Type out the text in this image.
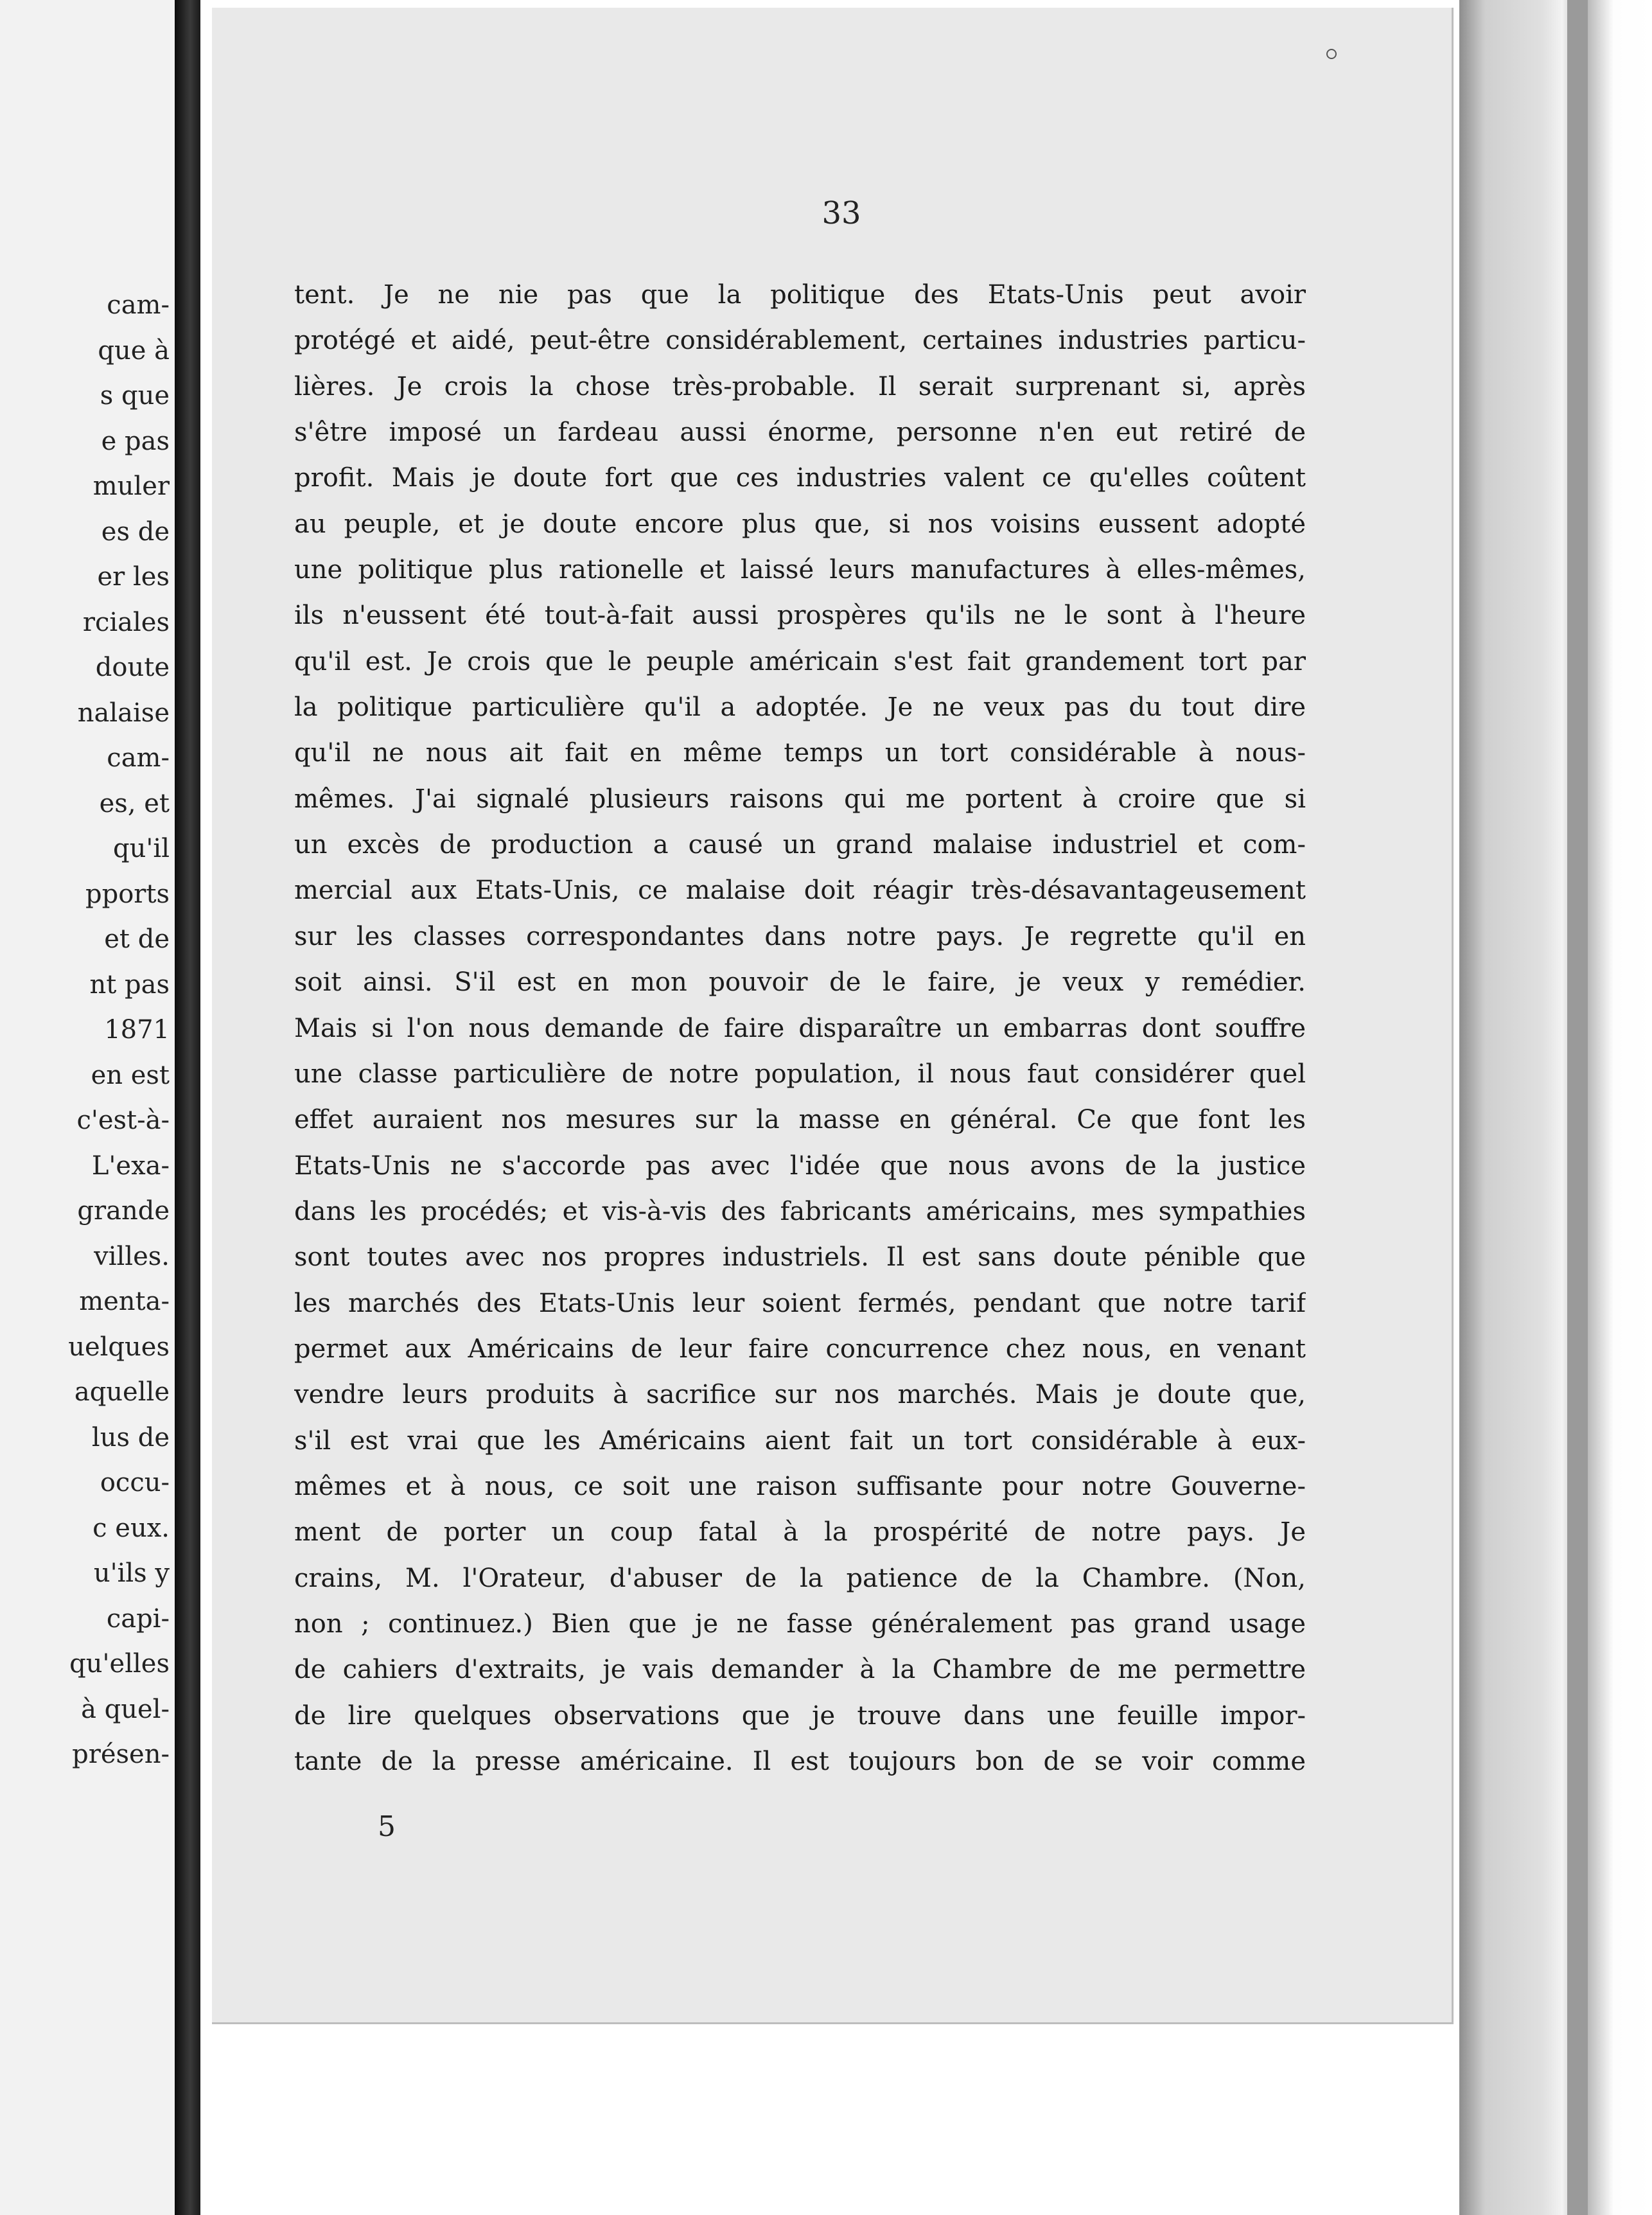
cam-
que à
s que
e pas
muler
es de
er les
rciales
doute
nalaise
cam-
es, et
qu'il
pports
et de
nt pas
1871
en est
c'est-à-
L'exa-
grande
villes.
menta-
uelques
aquelle
lus de
occu-
c eux.
u'ils y
capi-
qu'elles
à quel-
présen-
33
tent. Je ne nie pas que la politique des Etats-Unis peut avoir
protégé et aidé, peut-être considérablement, certaines industries particu-
lières. Je crois la chose très-probable. Il serait surprenant si, après
s'être imposé un fardeau aussi énorme, personne n'en eut retiré de
profit. Mais je doute fort que ces industries valent ce qu'elles coûtent
au peuple, et je doute encore plus que, si nos voisins eussent adopté
une politique plus rationelle et laissé leurs manufactures à elles-mêmes,
ils n'eussent été tout-à-fait aussi prospères qu'ils ne le sont à l'heure
qu'il est. Je crois que le peuple américain s'est fait grandement tort par
la politique particulière qu'il a adoptée. Je ne veux pas du tout dire
qu'il ne nous ait fait en même temps un tort considérable à nous-
mêmes. J'ai signalé plusieurs raisons qui me portent à croire que si
un excès de production a causé un grand malaise industriel et com-
mercial aux Etats-Unis, ce malaise doit réagir très-désavantageusement
sur les classes correspondantes dans notre pays. Je regrette qu'il en
soit ainsi. S'il est en mon pouvoir de le faire, je veux y remédier.
Mais si l'on nous demande de faire disparaître un embarras dont souffre
une classe particulière de notre population, il nous faut considérer quel
effet auraient nos mesures sur la masse en général. Ce que font les
Etats-Unis ne s'accorde pas avec l'idée que nous avons de la justice
dans les procédés; et vis-à-vis des fabricants américains, mes sympathies
sont toutes avec nos propres industriels. Il est sans doute pénible que
les marchés des Etats-Unis leur soient fermés, pendant que notre tarif
permet aux Américains de leur faire concurrence chez nous, en venant
vendre leurs produits à sacrifice sur nos marchés. Mais je doute que,
s'il est vrai que les Américains aient fait un tort considérable à eux-
mêmes et à nous, ce soit une raison suffisante pour notre Gouverne-
ment de porter un coup fatal à la prospérité de notre pays. Je
crains, M. l'Orateur, d'abuser de la patience de la Chambre. (Non,
non ; continuez.) Bien que je ne fasse généralement pas grand usage
de cahiers d'extraits, je vais demander à la Chambre de me permettre
de lire quelques observations que je trouve dans une feuille impor-
tante de la presse américaine. Il est toujours bon de se voir comme
5
